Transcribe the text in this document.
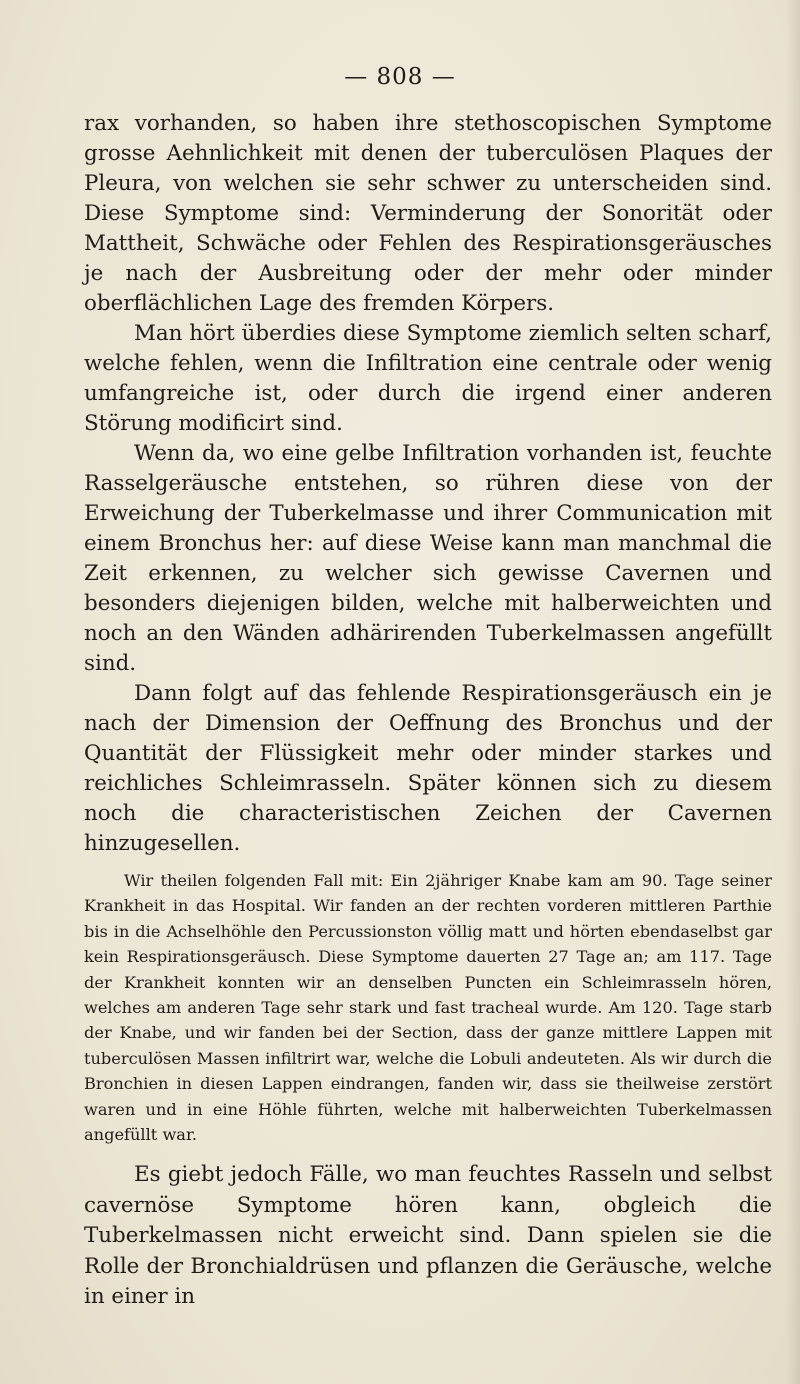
— 808 —

rax vorhanden, so haben ihre stethoscopischen Symptome grosse Aehnlichkeit mit denen der tuberculösen Plaques der Pleura, von welchen sie sehr schwer zu unterscheiden sind. Diese Symptome sind: Verminderung der Sonorität oder Mattheit, Schwäche oder Fehlen des Respirationsgeräusches je nach der Ausbreitung oder der mehr oder minder oberflächlichen Lage des fremden Körpers.

Man hört überdies diese Symptome ziemlich selten scharf, welche fehlen, wenn die Infiltration eine centrale oder wenig umfangreiche ist, oder durch die irgend einer anderen Störung modificirt sind.

Wenn da, wo eine gelbe Infiltration vorhanden ist, feuchte Rasselgeräusche entstehen, so rühren diese von der Erweichung der Tuberkelmasse und ihrer Communication mit einem Bronchus her: auf diese Weise kann man manchmal die Zeit erkennen, zu welcher sich gewisse Cavernen und besonders diejenigen bilden, welche mit halberweichten und noch an den Wänden adhärirenden Tuberkelmassen angefüllt sind.

Dann folgt auf das fehlende Respirationsgeräusch ein je nach der Dimension der Oeffnung des Bronchus und der Quantität der Flüssigkeit mehr oder minder starkes und reichliches Schleimrasseln. Später können sich zu diesem noch die characteristischen Zeichen der Cavernen hinzugesellen.

Wir theilen folgenden Fall mit: Ein 2jähriger Knabe kam am 90. Tage seiner Krankheit in das Hospital. Wir fanden an der rechten vorderen mittleren Parthie bis in die Achselhöhle den Percussionston völlig matt und hörten ebendaselbst gar kein Respirationsgeräusch. Diese Symptome dauerten 27 Tage an; am 117. Tage der Krankheit konnten wir an denselben Puncten ein Schleimrasseln hören, welches am anderen Tage sehr stark und fast tracheal wurde. Am 120. Tage starb der Knabe, und wir fanden bei der Section, dass der ganze mittlere Lappen mit tuberculösen Massen infiltrirt war, welche die Lobuli andeuteten. Als wir durch die Bronchien in diesen Lappen eindrangen, fanden wir, dass sie theilweise zerstört waren und in eine Höhle führten, welche mit halberweichten Tuberkelmassen angefüllt war.

Es giebt jedoch Fälle, wo man feuchtes Rasseln und selbst cavernöse Symptome hören kann, obgleich die Tuberkelmassen nicht erweicht sind. Dann spielen sie die Rolle der Bronchialdrüsen und pflanzen die Geräusche, welche in einer in
